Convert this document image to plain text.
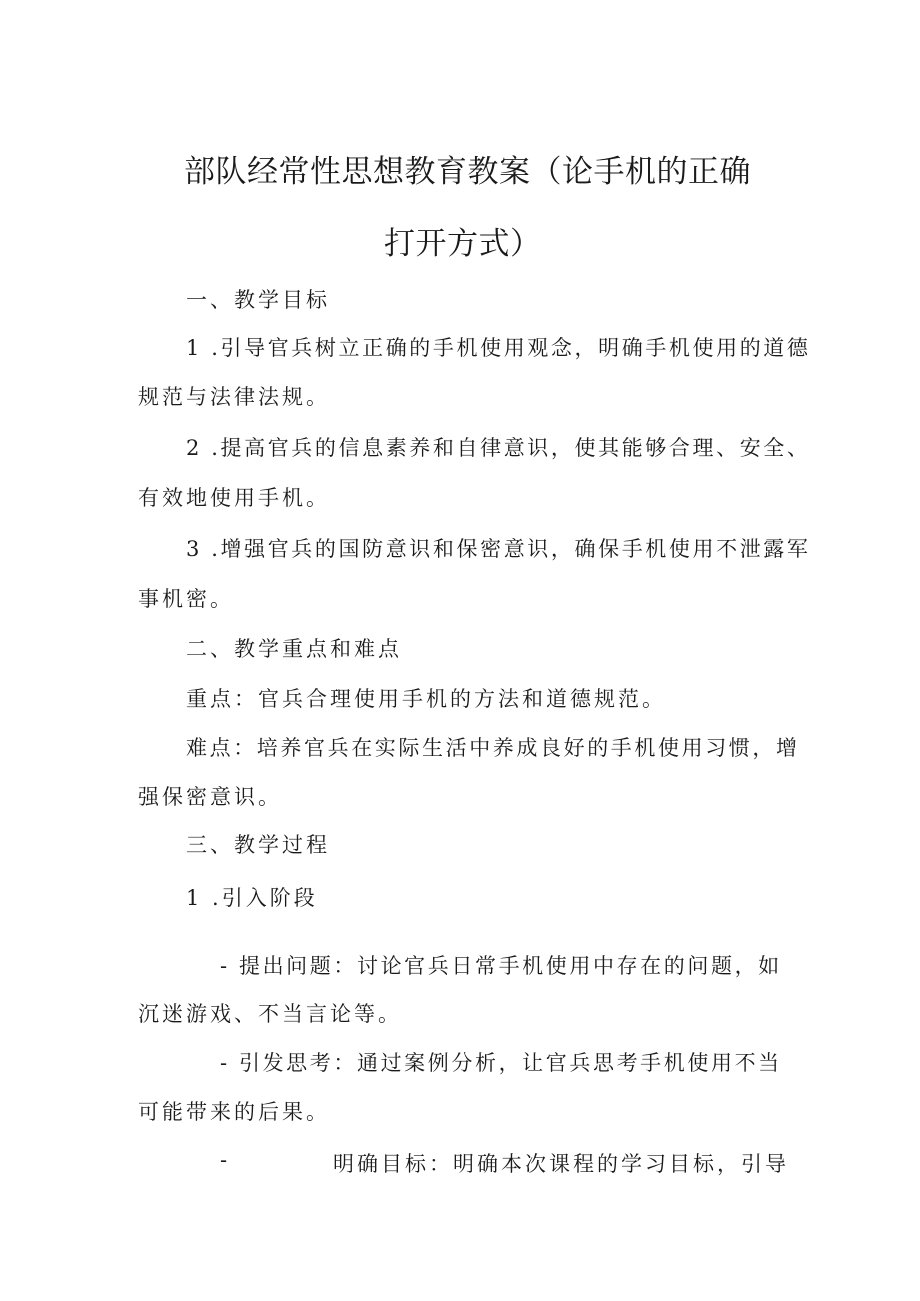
部队经常性思想教育教案（论手机的正确
打开方式）
一、教学目标
1 .引导官兵树立正确的手机使用观念，明确手机使用的道德
规范与法律法规。
2 .提高官兵的信息素养和自律意识，使其能够合理、安全、
有效地使用手机。
3 .增强官兵的国防意识和保密意识，确保手机使用不泄露军
事机密。
二、教学重点和难点
重点：官兵合理使用手机的方法和道德规范。
难点：培养官兵在实际生活中养成良好的手机使用习惯，增
强保密意识。
三、教学过程
1 .引入阶段
- 提出问题：讨论官兵日常手机使用中存在的问题，如
沉迷游戏、不当言论等。
- 引发思考：通过案例分析，让官兵思考手机使用不当
可能带来的后果。
-	明确目标：明确本次课程的学习目标，引导
